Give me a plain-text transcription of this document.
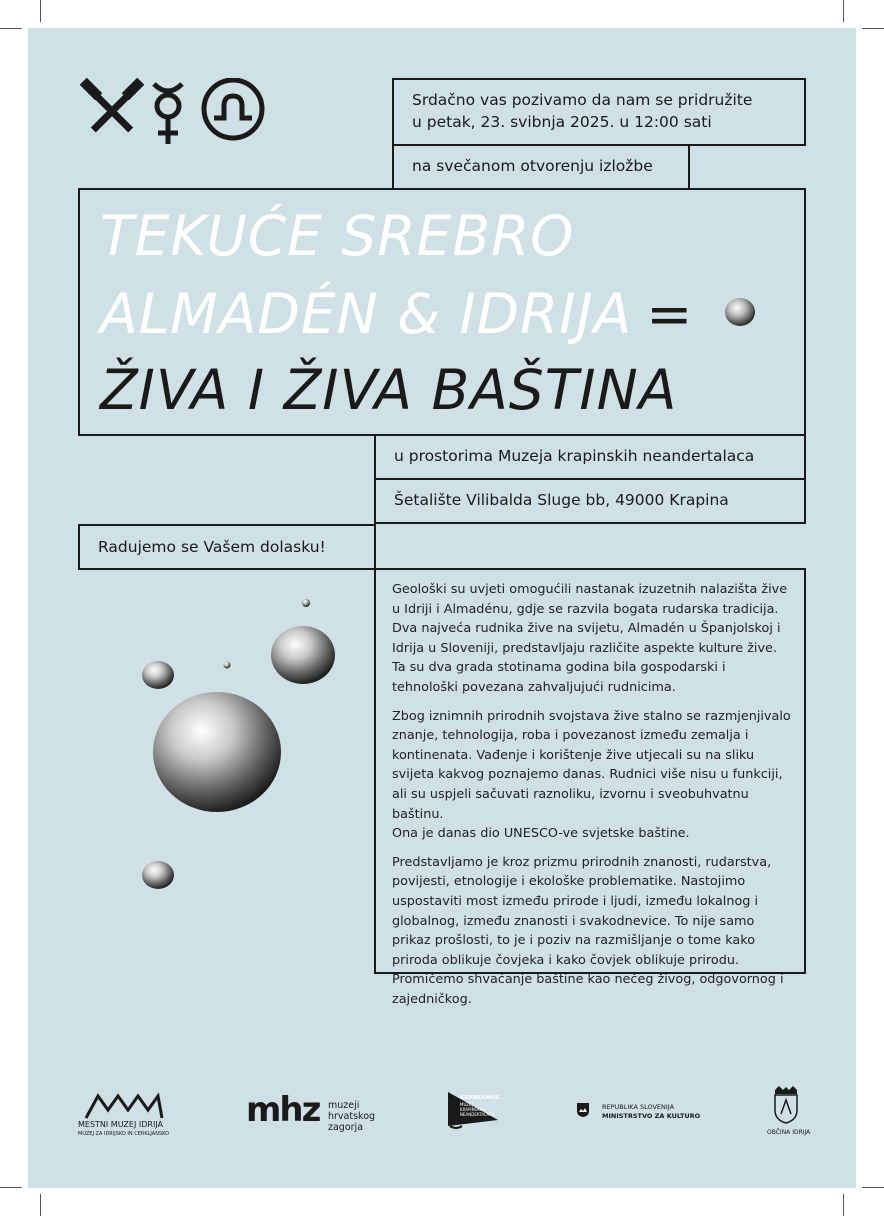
Srdačno vas pozivamo da nam se pridružite
u petak, 23. svibnja 2025. u 12:00 sati
na svečanom otvorenju izložbe
TEKUĆE SREBRO
ALMADÉN & IDRIJA =
ŽIVA I ŽIVA BAŠTINA
u prostorima Muzeja krapinskih neandertalaca
Šetalište Vilibalda Sluge bb, 49000 Krapina
Radujemo se Vašem dolasku!

Geološki su uvjeti omogućili nastanak izuzetnih nalazišta žive u Idriji i Almadénu, gdje se razvila bogata rudarska tradicija. Dva najveća rudnika žive na svijetu, Almadén u Španjolskoj i Idrija u Sloveniji, predstavljaju različite aspekte kulture žive. Ta su dva grada stotinama godina bila gospodarski i tehnološki povezana zahvaljujući rudnicima.

Zbog iznimnih prirodnih svojstava žive stalno se razmjenjivalo znanje, tehnologija, roba i povezanost između zemalja i kontinenata. Vađenje i korištenje žive utjecali su na sliku svijeta kakvog poznajemo danas. Rudnici više nisu u funkciji, ali su uspjeli sačuvati raznoliku, izvornu i sveobuhvatnu baštinu.

Ona je danas dio UNESCO-ve svjetske baštine.

Predstavljamo je kroz prizmu prirodnih znanosti, rudarstva, povijesti, etnologije i ekološke problematike. Nastojimo uspostaviti most između prirode i ljudi, između lokalnog i globalnog, između znanosti i svakodnevice. To nije samo prikaz prošlosti, to je i poziv na razmišljanje o tome kako priroda oblikuje čovjeka i kako čovjek oblikuje prirodu. Promičemo shvaćanje baštine kao nečeg živog, odgovornog i zajedničkog.

MESTNI MUZEJ IDRIJA
MUZEJ ZA IDRIJSKO IN CERKLJANSKO
mhz muzeji
hrvatskog
zagorja
KRANEAMUS
MUZEJ
KRAPINSKIH
NEANDERTALACA
REPUBLIKA SLOVENIJA
MINISTRSTVO ZA KULTURO
OBČINA IDRIJA
